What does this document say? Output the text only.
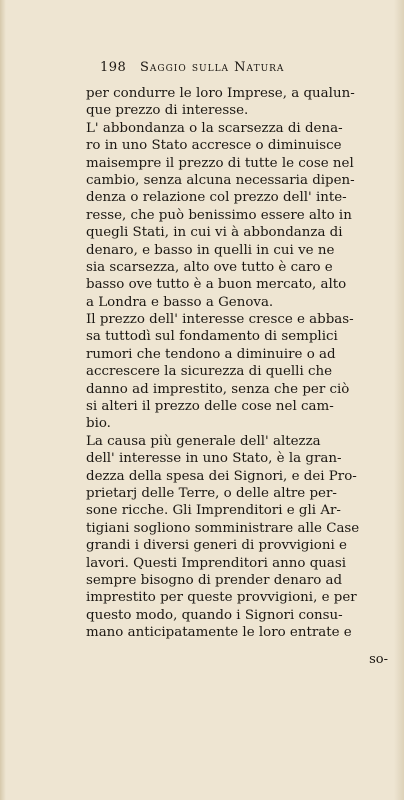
198 Saggio sulla Natura
per condurre le loro Imprese, a qualun-
que prezzo di interesse.
L' abbondanza o la scarsezza di dena-
ro in uno Stato accresce o diminuisce
maisempre il prezzo di tutte le cose nel
cambio, senza alcuna necessaria dipen-
denza o relazione col prezzo dell' inte-
resse, che può benissimo essere alto in
quegli Stati, in cui vi à abbondanza di
denaro, e basso in quelli in cui ve ne
sia scarsezza, alto ove tutto è caro e
basso ove tutto è a buon mercato, alto
a Londra e basso a Genova.
Il prezzo dell' interesse cresce e abbas-
sa tuttodì sul fondamento di semplici
rumori che tendono a diminuire o ad
accrescere la sicurezza di quelli che
danno ad imprestito, senza che per ciò
si alteri il prezzo delle cose nel cam-
bio.
La causa più generale dell' altezza
dell' interesse in uno Stato, è la gran-
dezza della spesa dei Signori, e dei Pro-
prietarj delle Terre, o delle altre per-
sone ricche. Gli Imprenditori e gli Ar-
tigiani sogliono somministrare alle Case
grandi i diversi generi di provvigioni e
lavori. Questi Imprenditori anno quasi
sempre bisogno di prender denaro ad
imprestito per queste provvigioni, e per
questo modo, quando i Signori consu-
mano anticipatamente le loro entrate e
so-
